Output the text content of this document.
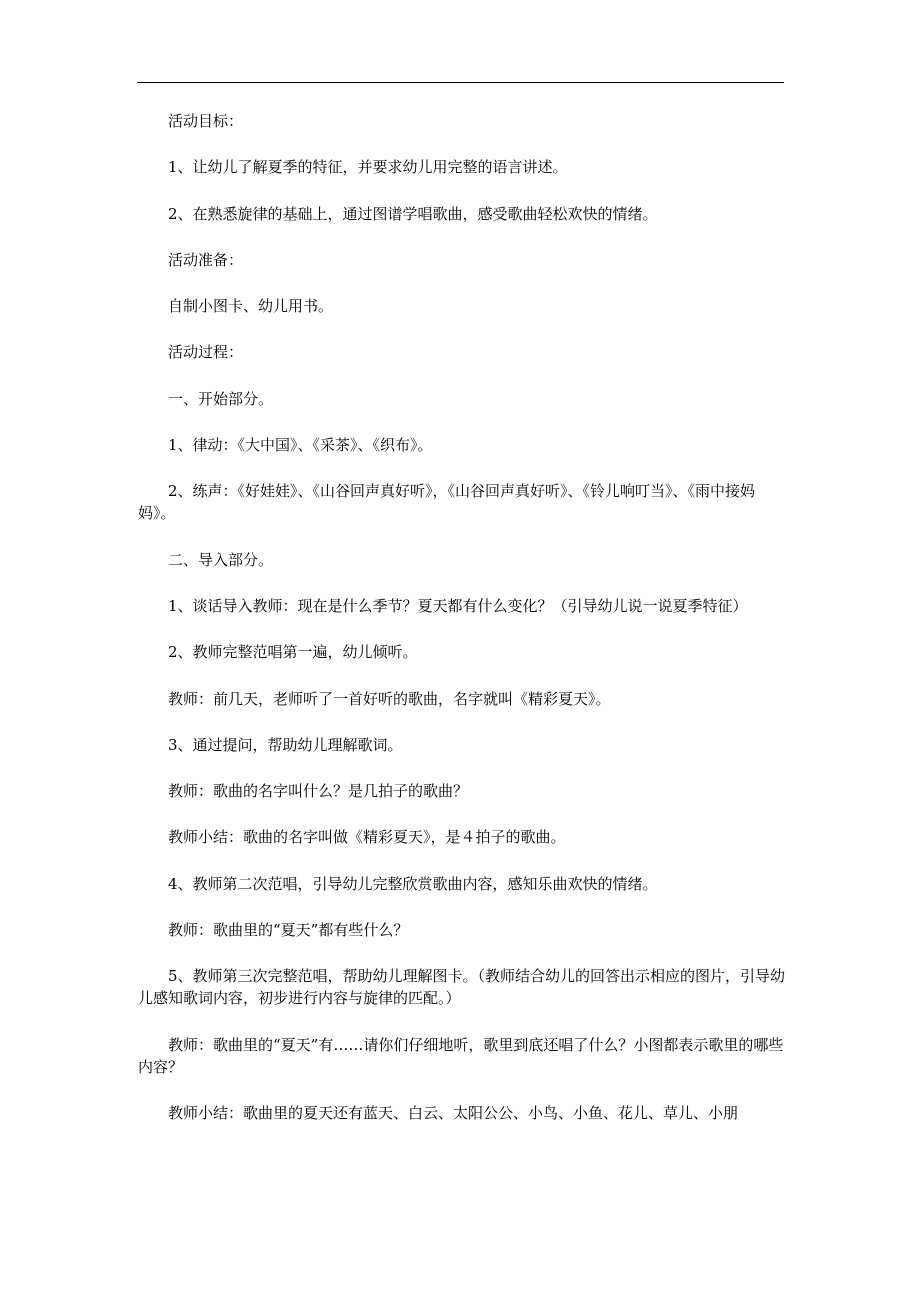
活动目标：

1、让幼儿了解夏季的特征，并要求幼儿用完整的语言讲述。

2、在熟悉旋律的基础上，通过图谱学唱歌曲，感受歌曲轻松欢快的情绪。

活动准备：

自制小图卡、幼儿用书。

活动过程：

一、开始部分。

1、律动：《大中国》、《采茶》、《织布》。

2、练声：《好娃娃》、《山谷回声真好听》，《山谷回声真好听》、《铃儿响叮当》、《雨中接妈妈》。

二、导入部分。

1、谈话导入教师：现在是什么季节？夏天都有什么变化？（引导幼儿说一说夏季特征）

2、教师完整范唱第一遍，幼儿倾听。

教师：前几天，老师听了一首好听的歌曲，名字就叫《精彩夏天》。

3、通过提问，帮助幼儿理解歌词。

教师：歌曲的名字叫什么？是几拍子的歌曲？

教师小结：歌曲的名字叫做《精彩夏天》，是４拍子的歌曲。

4、教师第二次范唱，引导幼儿完整欣赏歌曲内容，感知乐曲欢快的情绪。

教师：歌曲里的“夏天”都有些什么？

5、教师第三次完整范唱，帮助幼儿理解图卡。（教师结合幼儿的回答出示相应的图片，引导幼儿感知歌词内容，初步进行内容与旋律的匹配。）

教师：歌曲里的“夏天”有……请你们仔细地听，歌里到底还唱了什么？小图都表示歌里的哪些内容？

教师小结：歌曲里的夏天还有蓝天、白云、太阳公公、小鸟、小鱼、花儿、草儿、小朋
